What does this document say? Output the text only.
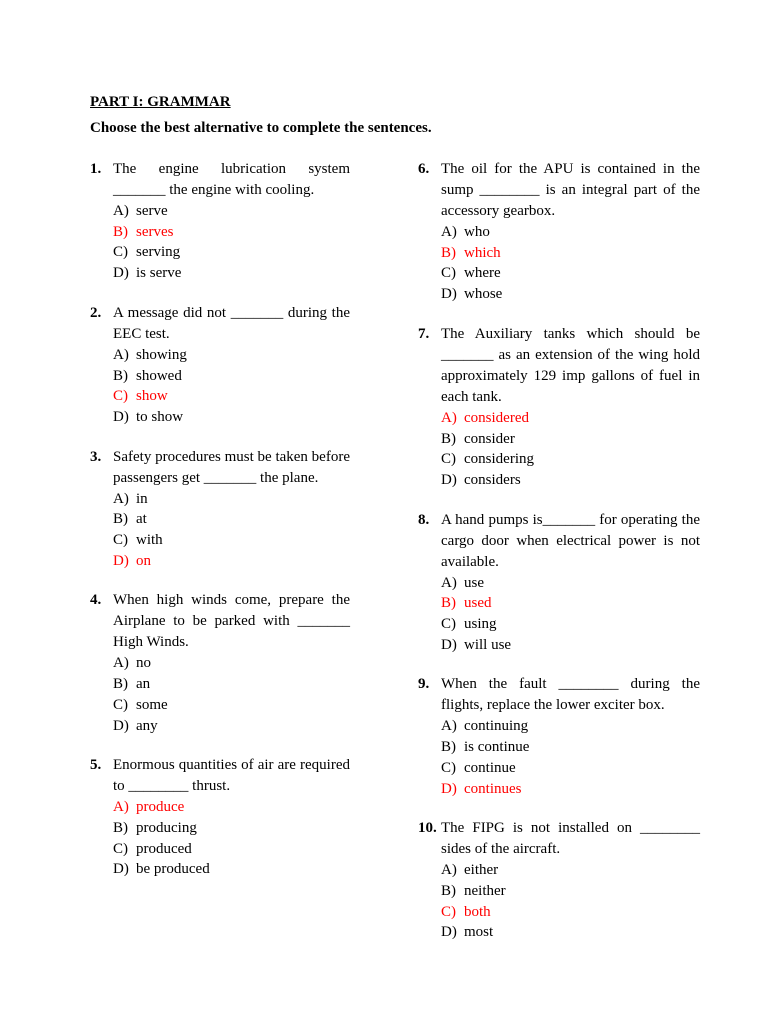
PART I: GRAMMAR
Choose the best alternative to complete the sentences.
1. The engine lubrication system _______ the engine with cooling.
A) serve
B) serves
C) serving
D) is serve
2. A message did not _______ during the EEC test.
A) showing
B) showed
C) show
D) to show
3. Safety procedures must be taken before passengers get _______ the plane.
A) in
B) at
C) with
D) on
4. When high winds come, prepare the Airplane to be parked with _______ High Winds.
A) no
B) an
C) some
D) any
5. Enormous quantities of air are required to ________ thrust.
A) produce
B) producing
C) produced
D) be produced
6. The oil for the APU is contained in the sump ________ is an integral part of the accessory gearbox.
A) who
B) which
C) where
D) whose
7. The Auxiliary tanks which should be _______ as an extension of the wing hold approximately 129 imp gallons of fuel in each tank.
A) considered
B) consider
C) considering
D) considers
8. A hand pumps is_______ for operating the cargo door when electrical power is not available.
A) use
B) used
C) using
D) will use
9. When the fault ________ during the flights, replace the lower exciter box.
A) continuing
B) is continue
C) continue
D) continues
10. The FIPG is not installed on ________ sides of the aircraft.
A) either
B) neither
C) both
D) most
